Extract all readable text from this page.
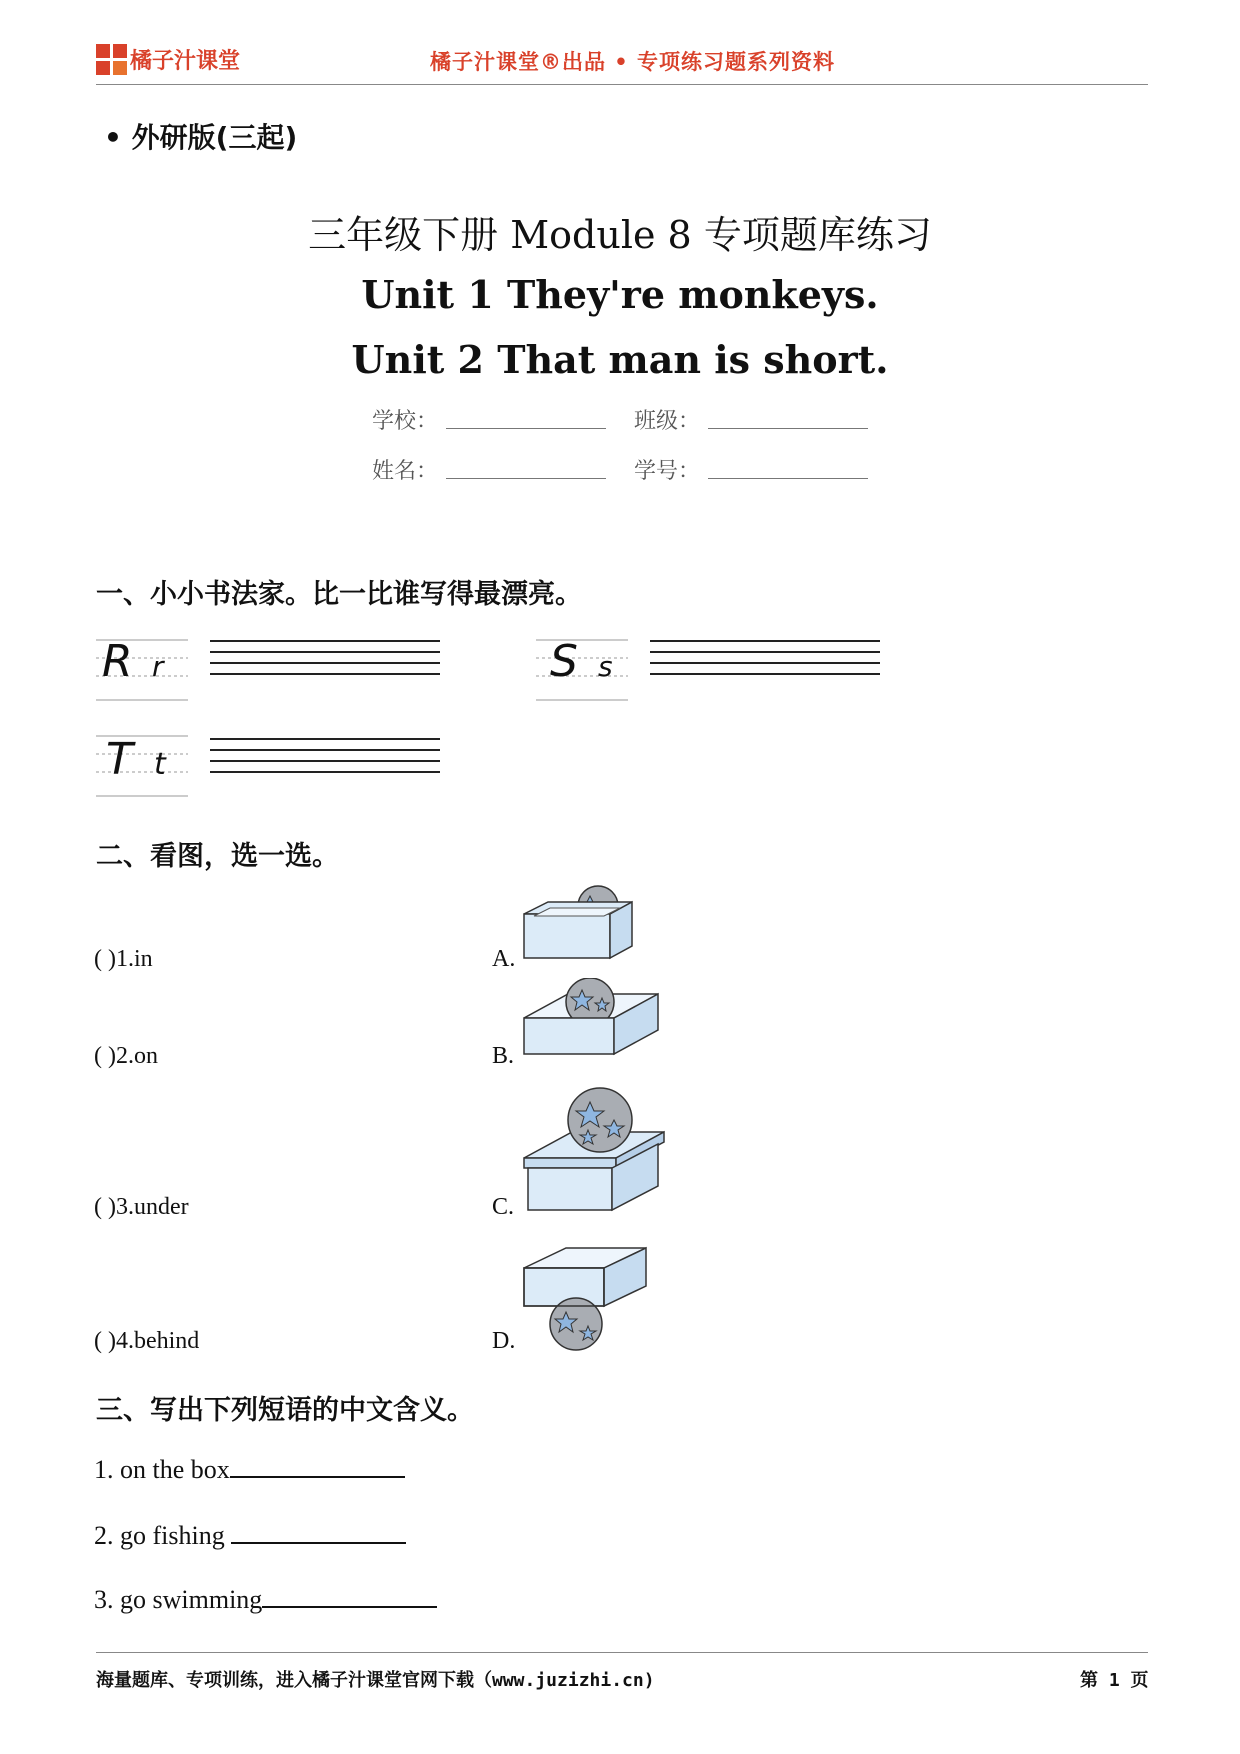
橘子汁课堂	橘子汁课堂®出品 • 专项练习题系列资料
• 外研版(三起)
三年级下册 Module 8 专项题库练习
Unit 1 They're monkeys.
Unit 2 That man is short.
学校：	班级：
姓名：	学号：
一、小小书法家。比一比谁写得最漂亮。
R r	S s
T t
二、看图，选一选。
( )1.in	A.
( )2.on	B.
( )3.under	C.
( )4.behind	D.
三、写出下列短语的中文含义。
1. on the box
2. go fishing
3. go swimming
海量题库、专项训练，进入橘子汁课堂官网下载（www.juzizhi.cn)	第 1 页
